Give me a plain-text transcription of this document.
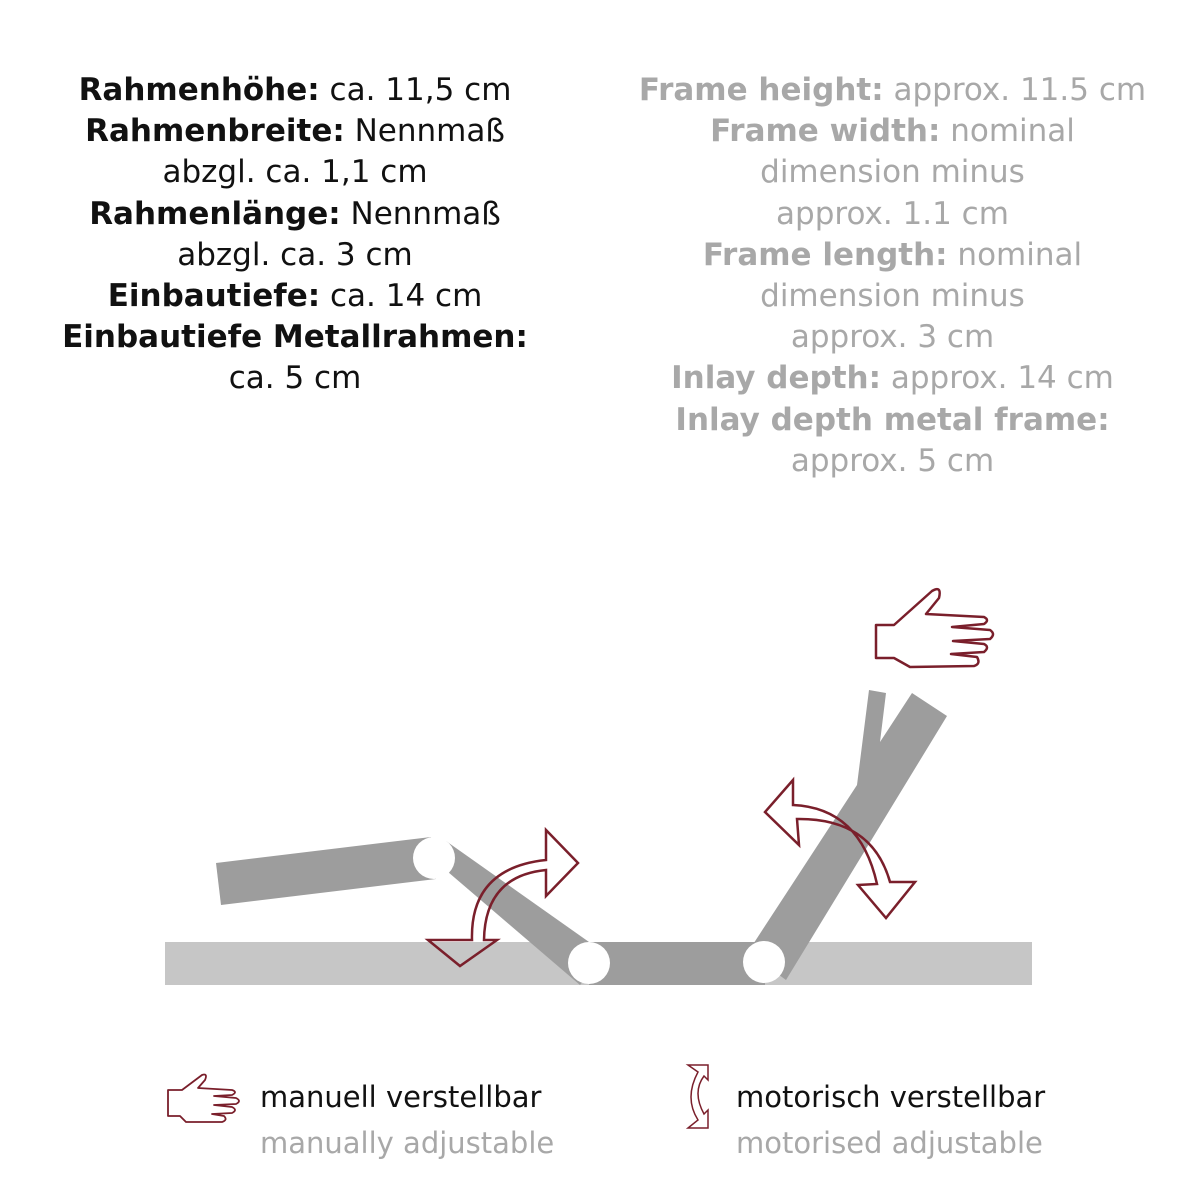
Rahmenhöhe: ca. 11,5 cm
Rahmenbreite: Nennmaß
abzgl. ca. 1,1 cm
Rahmenlänge: Nennmaß
abzgl. ca. 3 cm
Einbautiefe: ca. 14 cm
Einbautiefe Metallrahmen:
ca. 5 cm
Frame height: approx. 11.5 cm
Frame width: nominal
dimension minus
approx. 1.1 cm
Frame length: nominal
dimension minus
approx. 3 cm
Inlay depth: approx. 14 cm
Inlay depth metal frame:
approx. 5 cm
manuell verstellbar
manually adjustable
motorisch verstellbar
motorised adjustable
